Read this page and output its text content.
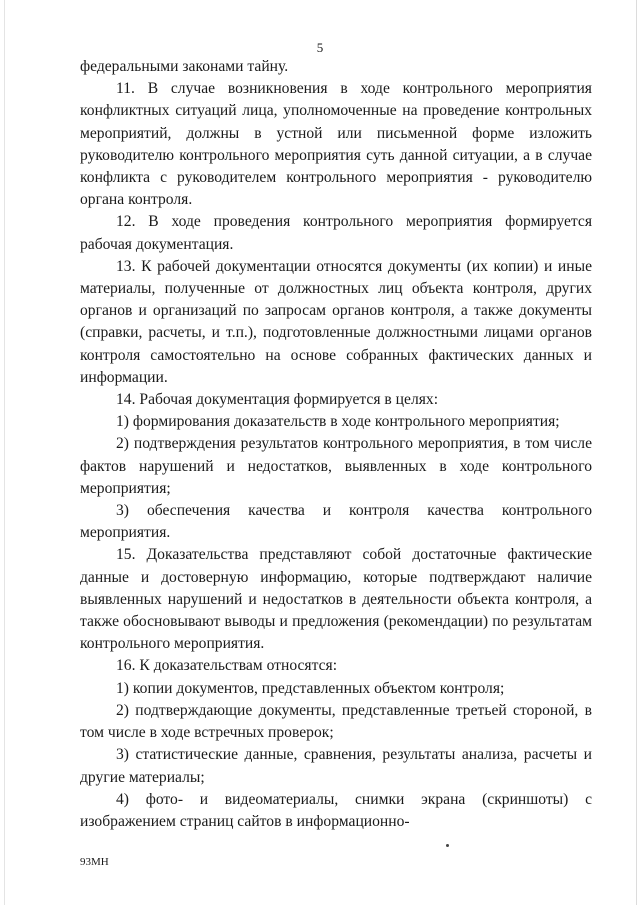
5

федеральными законами тайну.

11. В случае возникновения в ходе контрольного мероприятия конфликтных ситуаций лица, уполномоченные на проведение контрольных мероприятий, должны в устной или письменной форме изложить руководителю контрольного мероприятия суть данной ситуации, а в случае конфликта с руководителем контрольного мероприятия - руководителю органа контроля.

12. В ходе проведения контрольного мероприятия формируется рабочая документация.

13. К рабочей документации относятся документы (их копии) и иные материалы, полученные от должностных лиц объекта контроля, других органов и организаций по запросам органов контроля, а также документы (справки, расчеты, и т.п.), подготовленные должностными лицами органов контроля самостоятельно на основе собранных фактических данных и информации.

14. Рабочая документация формируется в целях:

1) формирования доказательств в ходе контрольного мероприятия;

2) подтверждения результатов контрольного мероприятия, в том числе фактов нарушений и недостатков, выявленных в ходе контрольного мероприятия;

3) обеспечения качества и контроля качества контрольного мероприятия.

15. Доказательства представляют собой достаточные фактические данные и достоверную информацию, которые подтверждают наличие выявленных нарушений и недостатков в деятельности объекта контроля, а также обосновывают выводы и предложения (рекомендации) по результатам контрольного мероприятия.

16. К доказательствам относятся:

1) копии документов, представленных объектом контроля;

2) подтверждающие документы, представленные третьей стороной, в том числе в ходе встречных проверок;

3) статистические данные, сравнения, результаты анализа, расчеты и другие материалы;

4) фото- и видеоматериалы, снимки экрана (скриншоты) с изображением страниц сайтов в информационно-

93МН
